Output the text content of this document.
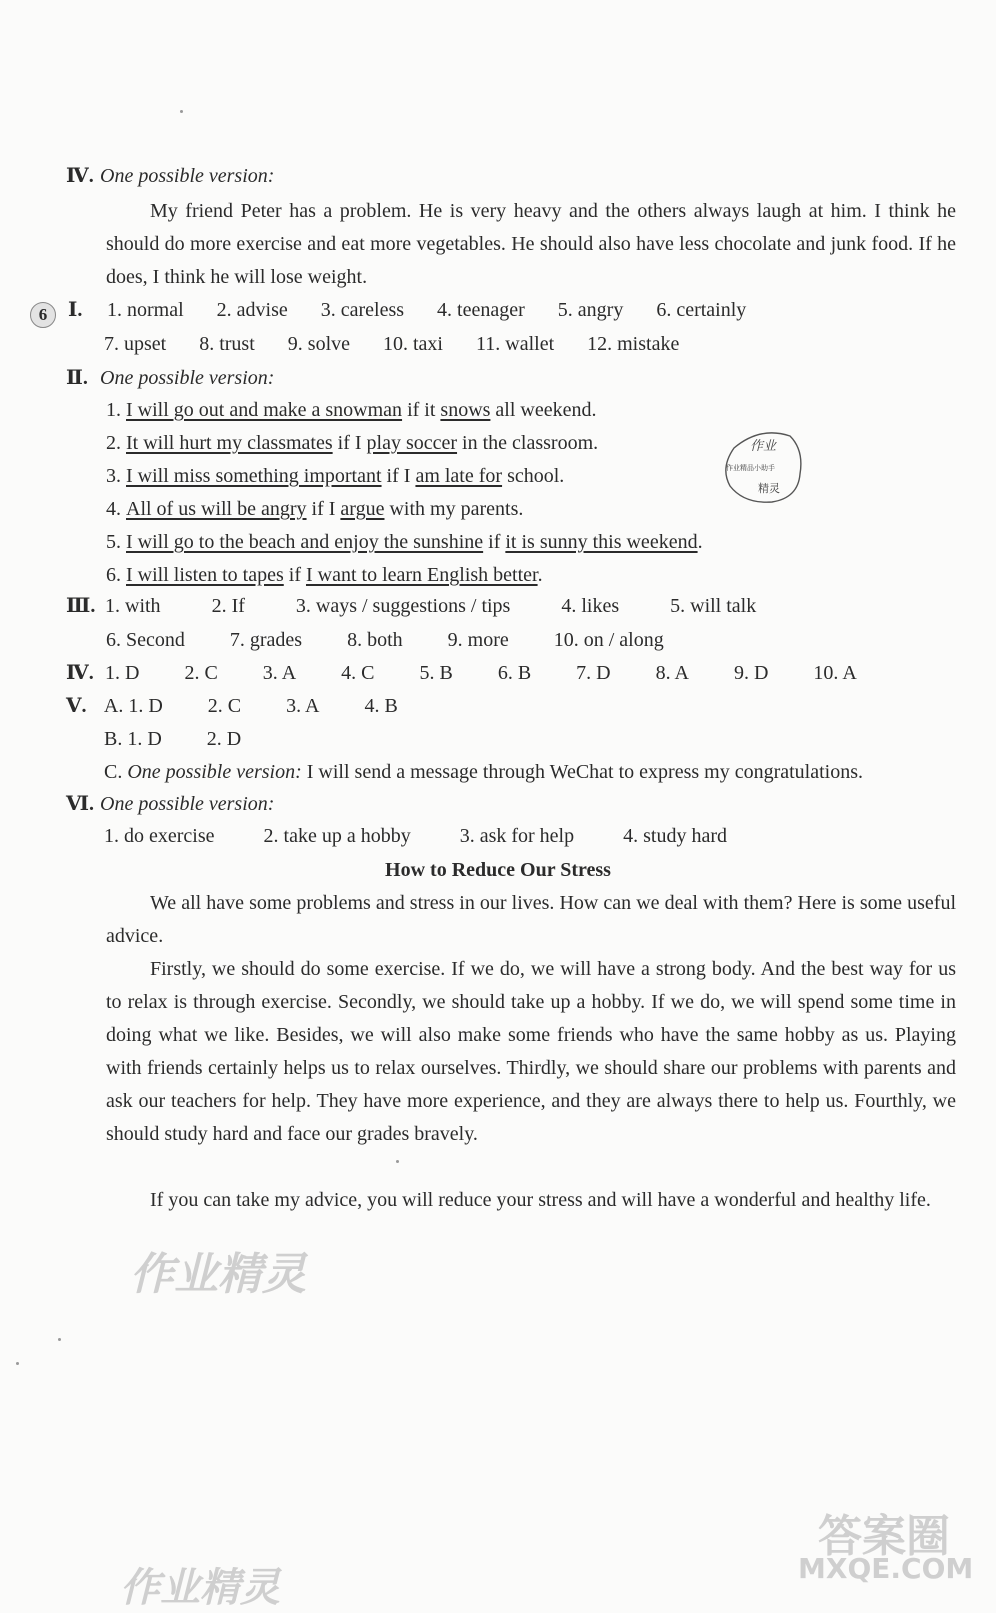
Ⅳ. One possible version:
My friend Peter has a problem. He is very heavy and the others always laugh at him. I think he should do more exercise and eat more vegetables. He should also have less chocolate and junk food. If he does, I think he will lose weight.
6	Ⅰ. 1. normal 2. advise 3. careless 4. teenager 5. angry 6. certainly
7. upset 8. trust 9. solve 10. taxi 11. wallet 12. mistake
Ⅱ. One possible version:
1. I will go out and make a snowman if it snows all weekend.
2. It will hurt my classmates if I play soccer in the classroom.
3. I will miss something important if I am late for school.
4. All of us will be angry if I argue with my parents.
5. I will go to the beach and enjoy the sunshine if it is sunny this weekend.
6. I will listen to tapes if I want to learn English better.
作业
作业精品小助手
精灵
Ⅲ. 1. with	2. If	3. ways / suggestions / tips	4. likes	5. will talk
6. Second 7. grades 8. both 9. more 10. on / along
Ⅳ. 1. D 2. C 3. A 4. C 5. B 6. B 7. D 8. A 9. D 10. A
Ⅴ. A. 1. D 2. C 3. A 4. B
B. 1. D 2. D
C. One possible version: I will send a message through WeChat to express my congratulations.
Ⅵ. One possible version:
1. do exercise 2. take up a hobby 3. ask for help 4. study hard
How to Reduce Our Stress
We all have some problems and stress in our lives. How can we deal with them? Here is some useful advice.
Firstly, we should do some exercise. If we do, we will have a strong body. And the best way for us to relax is through exercise. Secondly, we should take up a hobby. If we do, we will spend some time in doing what we like. Besides, we will also make some friends who have the same hobby as us. Playing with friends certainly helps us to relax ourselves. Thirdly, we should share our problems with parents and ask our teachers for help. They have more experience, and they are always there to help us. Fourthly, we should study hard and face our grades bravely.
If you can take my advice, you will reduce your stress and will have a wonderful and healthy life.
作业精灵
作业精灵
答案圈
MXQE.COM
